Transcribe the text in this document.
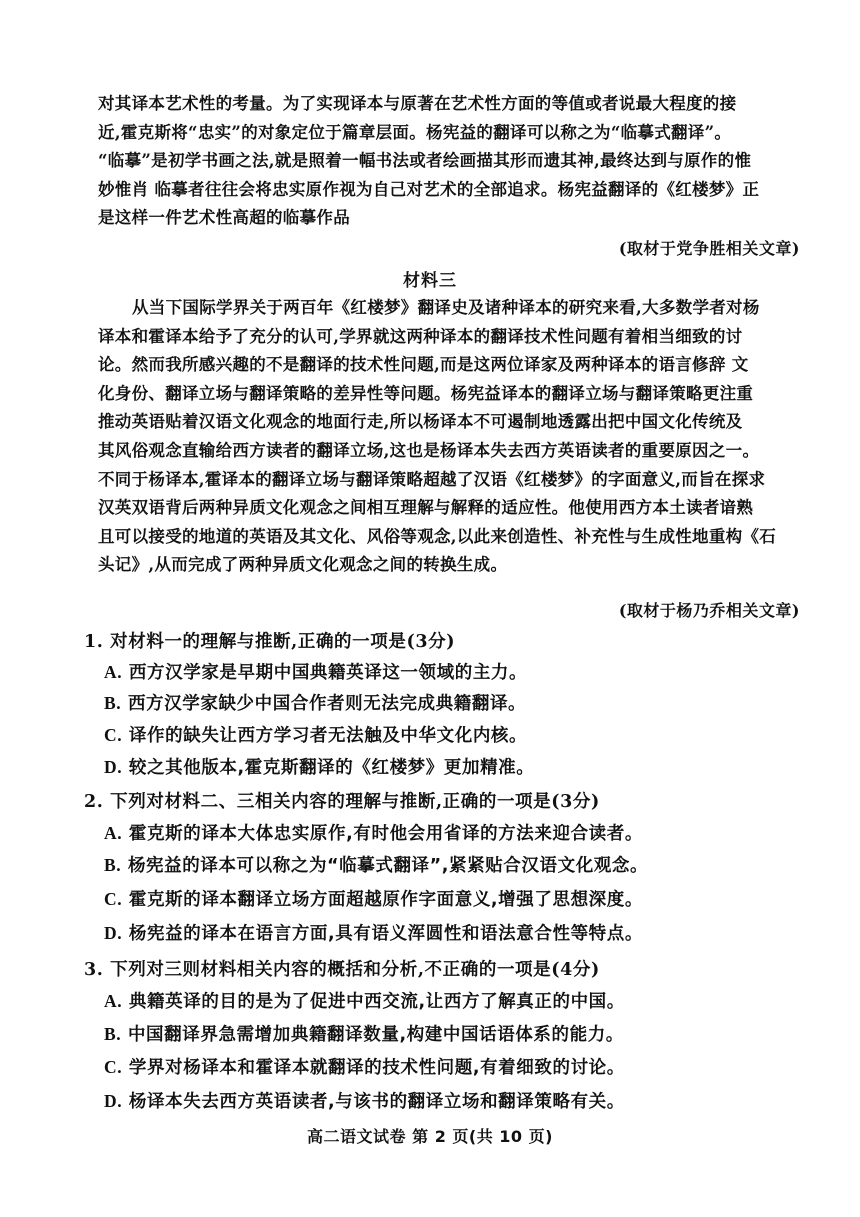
对其译本艺术性的考量。为了实现译本与原著在艺术性方面的等值或者说最大程度的接
近,霍克斯将“忠实”的对象定位于篇章层面。杨宪益的翻译可以称之为“临摹式翻译”。
“临摹”是初学书画之法,就是照着一幅书法或者绘画描其形而遗其神,最终达到与原作的惟
妙惟肖 临摹者往往会将忠实原作视为自己对艺术的全部追求。杨宪益翻译的《红楼梦》正
是这样一件艺术性高超的临摹作品
(取材于党争胜相关文章)
材料三
从当下国际学界关于两百年《红楼梦》翻译史及诸种译本的研究来看,大多数学者对杨
译本和霍译本给予了充分的认可,学界就这两种译本的翻译技术性问题有着相当细致的讨
论。然而我所感兴趣的不是翻译的技术性问题,而是这两位译家及两种译本的语言修辞 文
化身份、翻译立场与翻译策略的差异性等问题。杨宪益译本的翻译立场与翻译策略更注重
推动英语贴着汉语文化观念的地面行走,所以杨译本不可遏制地透露出把中国文化传统及
其风俗观念直输给西方读者的翻译立场,这也是杨译本失去西方英语读者的重要原因之一。
不同于杨译本,霍译本的翻译立场与翻译策略超越了汉语《红楼梦》的字面意义,而旨在探求
汉英双语背后两种异质文化观念之间相互理解与解释的适应性。他使用西方本土读者谙熟
且可以接受的地道的英语及其文化、风俗等观念,以此来创造性、补充性与生成性地重构《石
头记》,从而完成了两种异质文化观念之间的转换生成。
(取材于杨乃乔相关文章)
1. 对材料一的理解与推断,正确的一项是(3分)
A. 西方汉学家是早期中国典籍英译这一领域的主力。
B. 西方汉学家缺少中国合作者则无法完成典籍翻译。
C. 译作的缺失让西方学习者无法触及中华文化内核。
D. 较之其他版本,霍克斯翻译的《红楼梦》更加精准。
2. 下列对材料二、三相关内容的理解与推断,正确的一项是(3分)
A. 霍克斯的译本大体忠实原作,有时他会用省译的方法来迎合读者。
B. 杨宪益的译本可以称之为“临摹式翻译”,紧紧贴合汉语文化观念。
C. 霍克斯的译本翻译立场方面超越原作字面意义,增强了思想深度。
D. 杨宪益的译本在语言方面,具有语义浑圆性和语法意合性等特点。
3. 下列对三则材料相关内容的概括和分析,不正确的一项是(4分)
A. 典籍英译的目的是为了促进中西交流,让西方了解真正的中国。
B. 中国翻译界急需增加典籍翻译数量,构建中国话语体系的能力。
C. 学界对杨译本和霍译本就翻译的技术性问题,有着细致的讨论。
D. 杨译本失去西方英语读者,与该书的翻译立场和翻译策略有关。
高二语文试卷 第 2 页(共 10 页)
